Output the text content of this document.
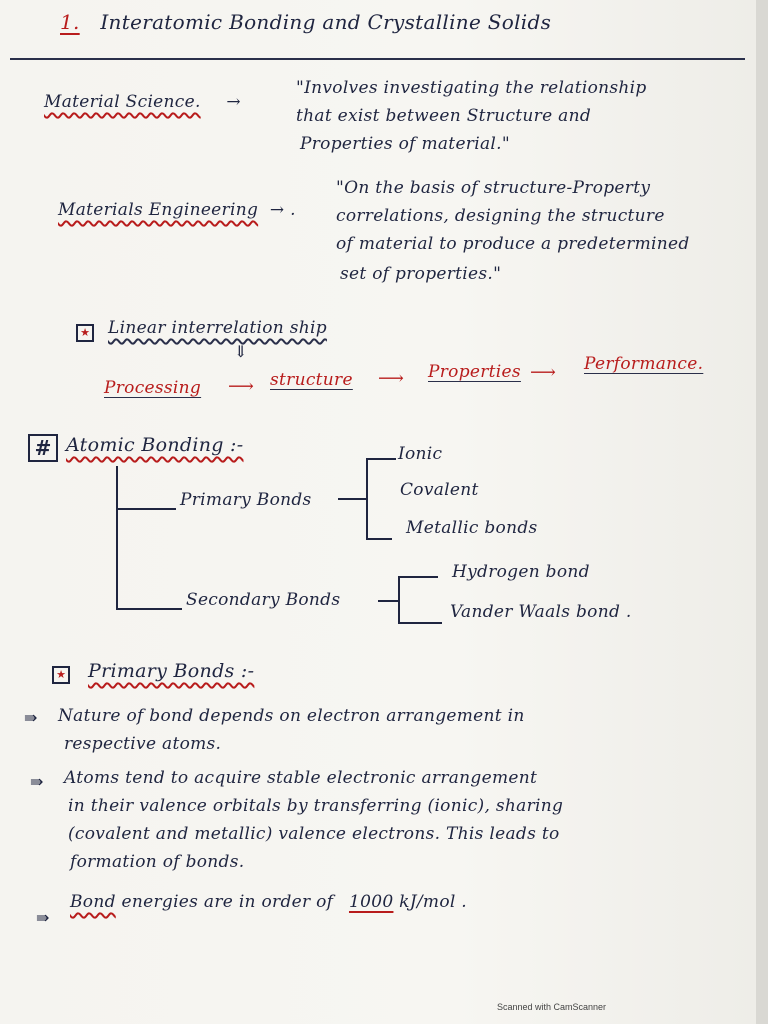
1. Interatomic Bonding and Crystalline Solids
Material Science. →
"Involves investigating the relationship
that exist between Structure and
Properties of material."
Materials Engineering → .
"On the basis of structure-Property
correlations, designing the structure
of material to produce a predetermined
set of properties."
★ Linear interrelation ship
⇓
Processing ⟶ structure ⟶ Properties ⟶ Performance.
# Atomic Bonding :-
Primary Bonds
Ionic
Covalent
Metallic bonds
Secondary Bonds
Hydrogen bond
Vander Waals bond .
★ Primary Bonds :-
⇛ Nature of bond depends on electron arrangement in
respective atoms.
⇛ Atoms tend to acquire stable electronic arrangement
in their valence orbitals by transferring (ionic), sharing
(covalent and metallic) valence electrons. This leads to
formation of bonds.
⇛
Bond energies are in order of 1000 kJ/mol .
Scanned with CamScanner
